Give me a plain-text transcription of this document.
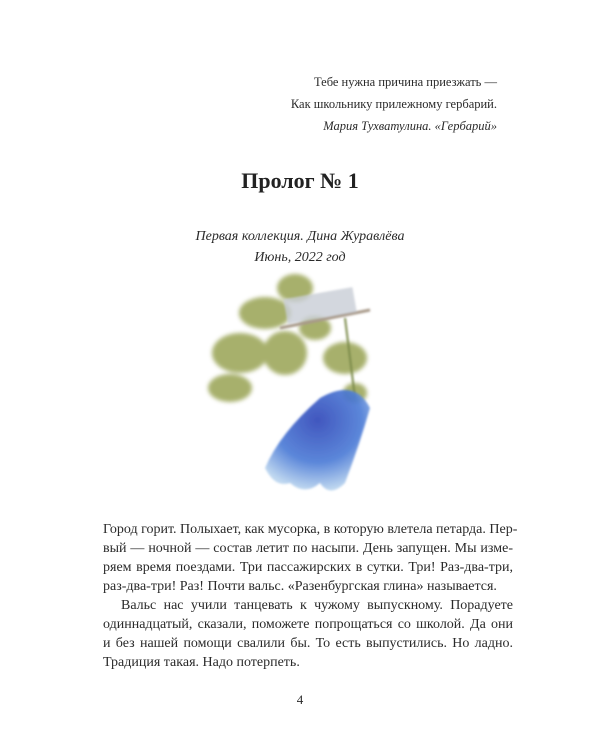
Тебе нужна причина приезжать —
Как школьнику прилежному гербарий.
Мария Тухватулина. «Гербарий»
Пролог № 1
Первая коллекция. Дина Журавлёва
Июнь, 2022 год
Город горит. Полыхает, как мусорка, в которую влетела петарда. Пер-
вый — ночной — состав летит по насыпи. День запущен. Мы изме-
ряем время поездами. Три пассажирских в сутки. Три! Раз-два-три,
раз-два-три! Раз! Почти вальс. «Разенбургская глина» называется.
Вальс нас учили танцевать к чужому выпускному. Порадуете
одиннадцатый, сказали, поможете попрощаться со школой. Да они
и без нашей помощи свалили бы. То есть выпустились. Но ладно.
Традиция такая. Надо потерпеть.
4
